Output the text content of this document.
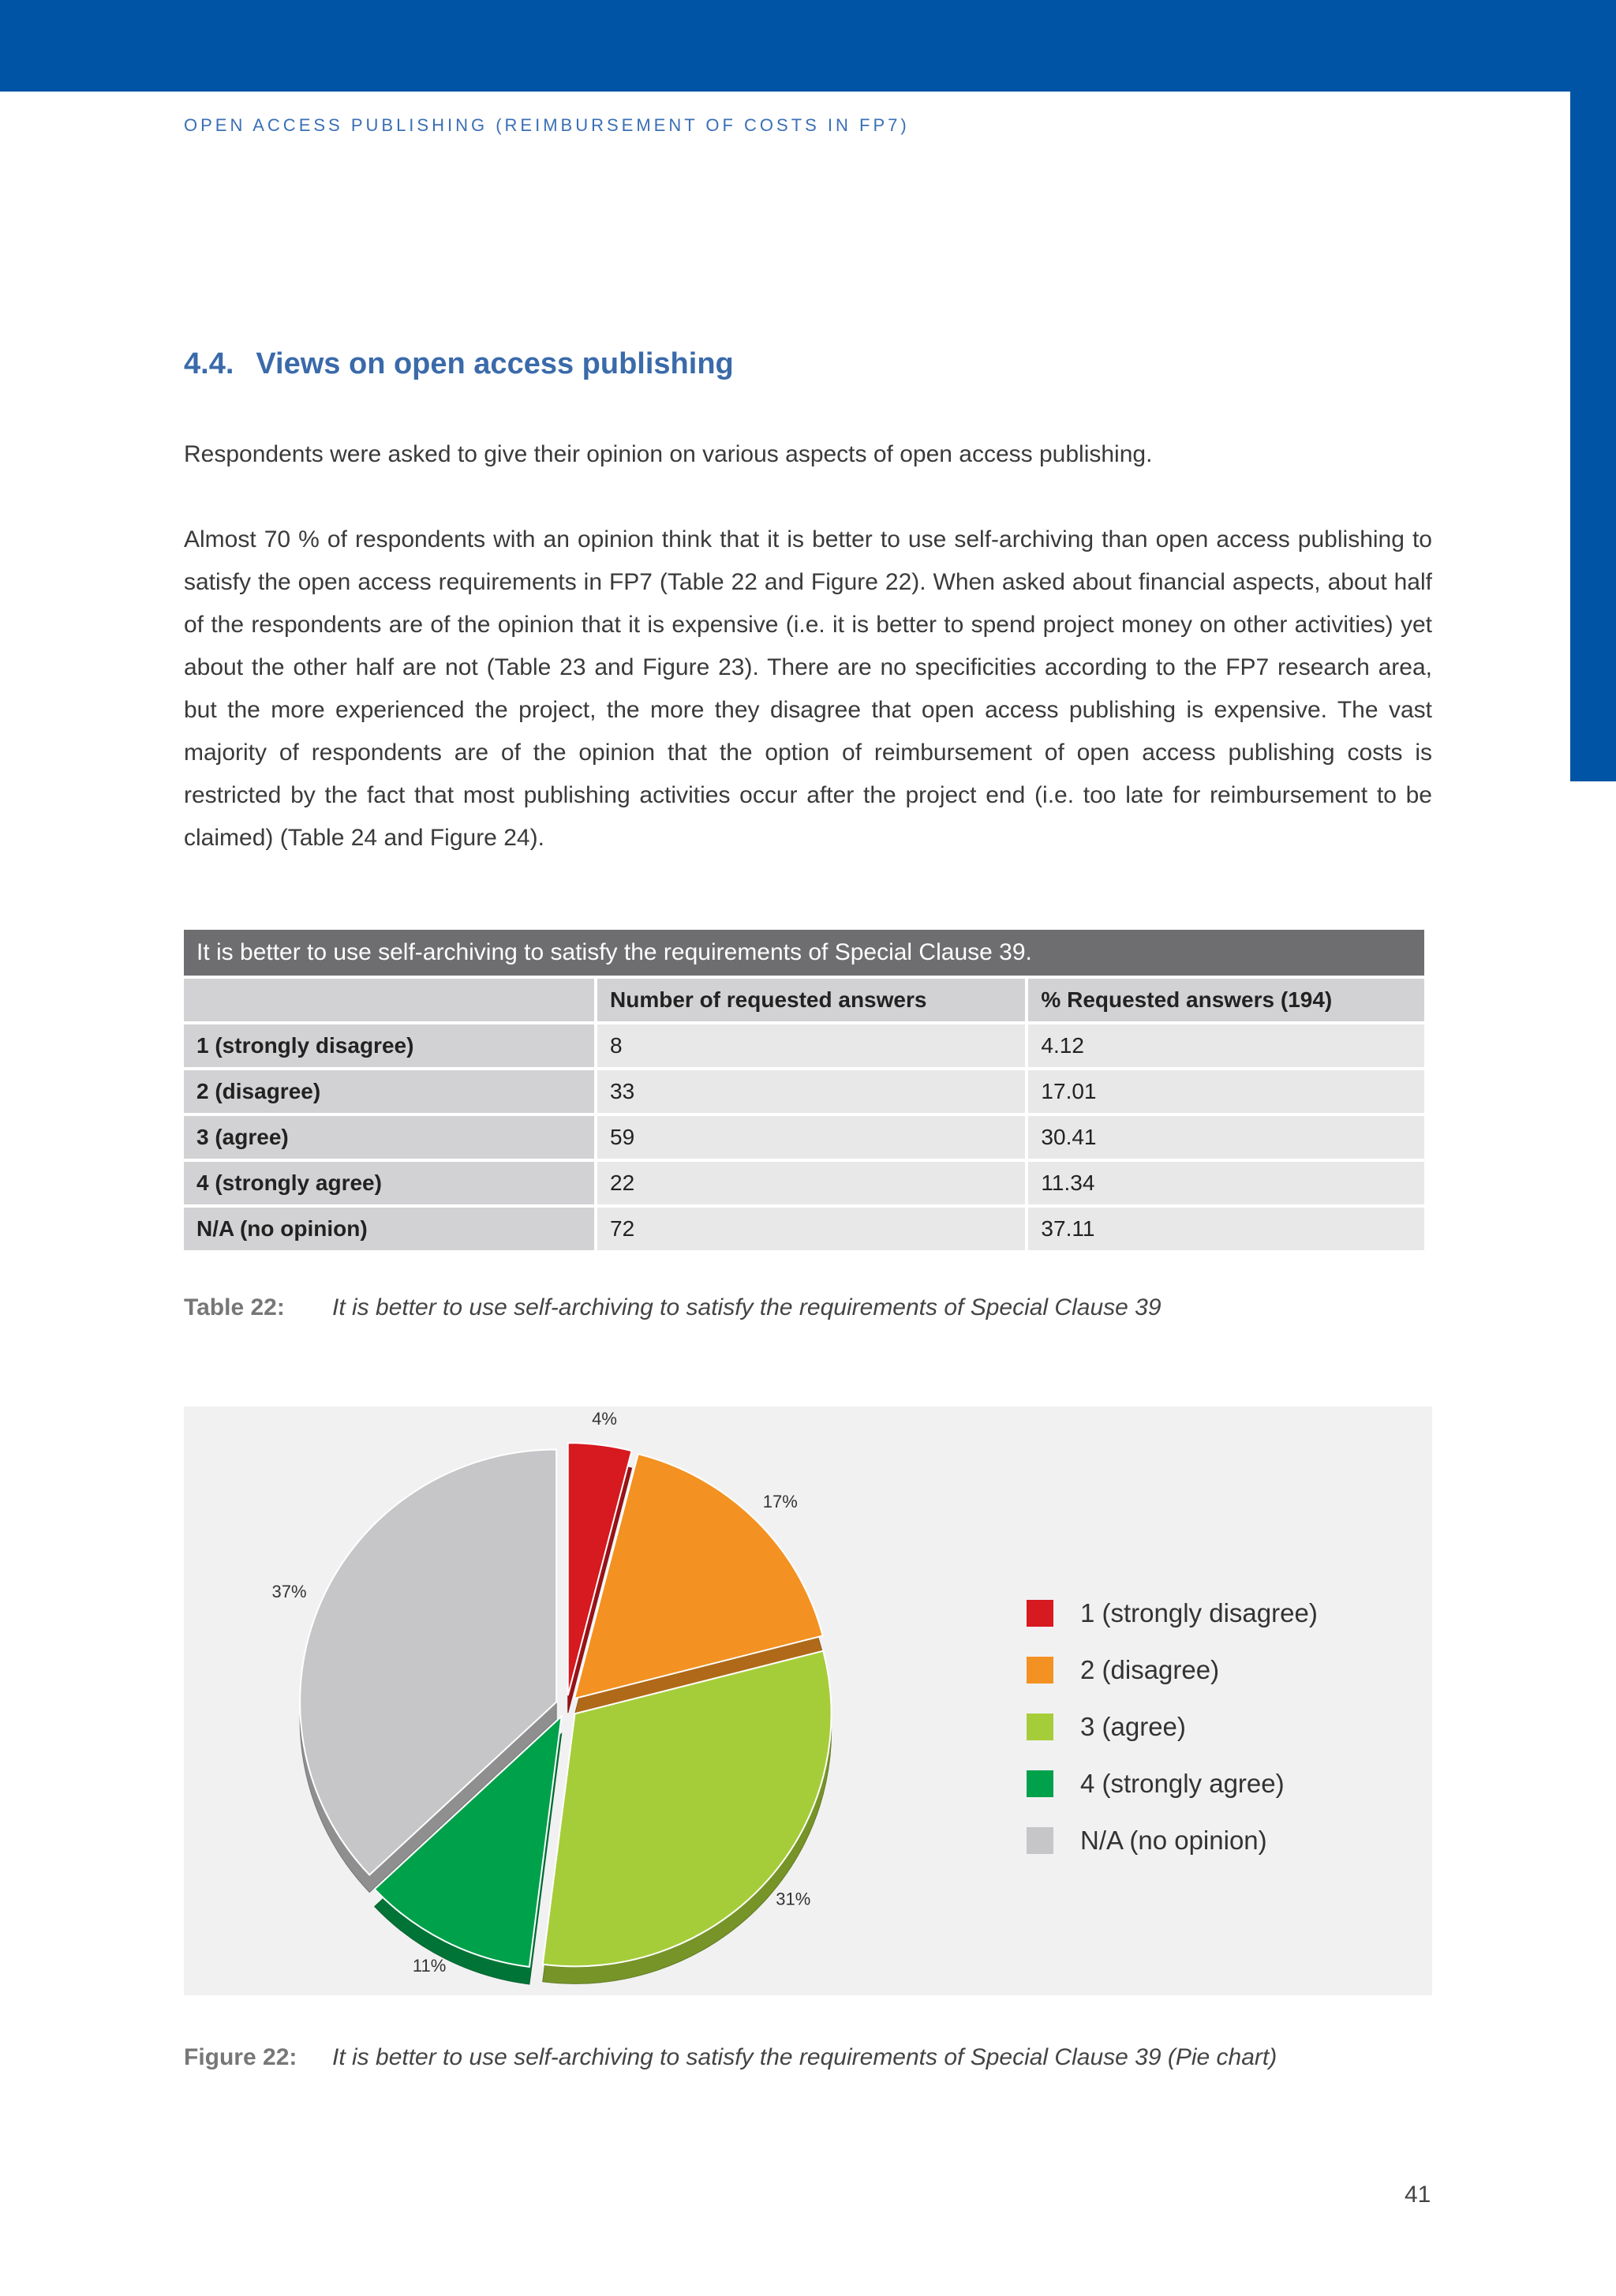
OPEN ACCESS PUBLISHING (REIMBURSEMENT OF COSTS IN FP7)
4.4. Views on open access publishing

Respondents were asked to give their opinion on various aspects of open access publishing.

Almost 70 % of respondents with an opinion think that it is better to use self-archiving than open access publishing to satisfy the open access requirements in FP7 (Table 22 and Figure 22). When asked about financial aspects, about half of the respondents are of the opinion that it is expensive (i.e. it is better to spend project money on other activities) yet about the other half are not (Table 23 and Figure 23). There are no specificities according to the FP7 research area, but the more experienced the project, the more they disagree that open access publishing is expensive. The vast majority of respondents are of the opinion that the option of reimbursement of open access publishing costs is restricted by the fact that most publishing activities occur after the project end (i.e. too late for reimbursement to be claimed) (Table 24 and Figure 24).

It is better to use self-archiving to satisfy the requirements of Special Clause 39.		
	Number of requested answers	% Requested answers (194)
1 (strongly disagree)	8	4.12
2 (disagree)	33	17.01
3 (agree)	59	30.41
4 (strongly agree)	22	11.34
N/A (no opinion)	72	37.11
Table 22: It is better to use self-archiving to satisfy the requirements of Special Clause 39
4%
17%
31%
11%
37%
1 (strongly disagree)
2 (disagree)
3 (agree)
4 (strongly agree)
N/A (no opinion)
Figure 22: It is better to use self-archiving to satisfy the requirements of Special Clause 39 (Pie chart)
41
